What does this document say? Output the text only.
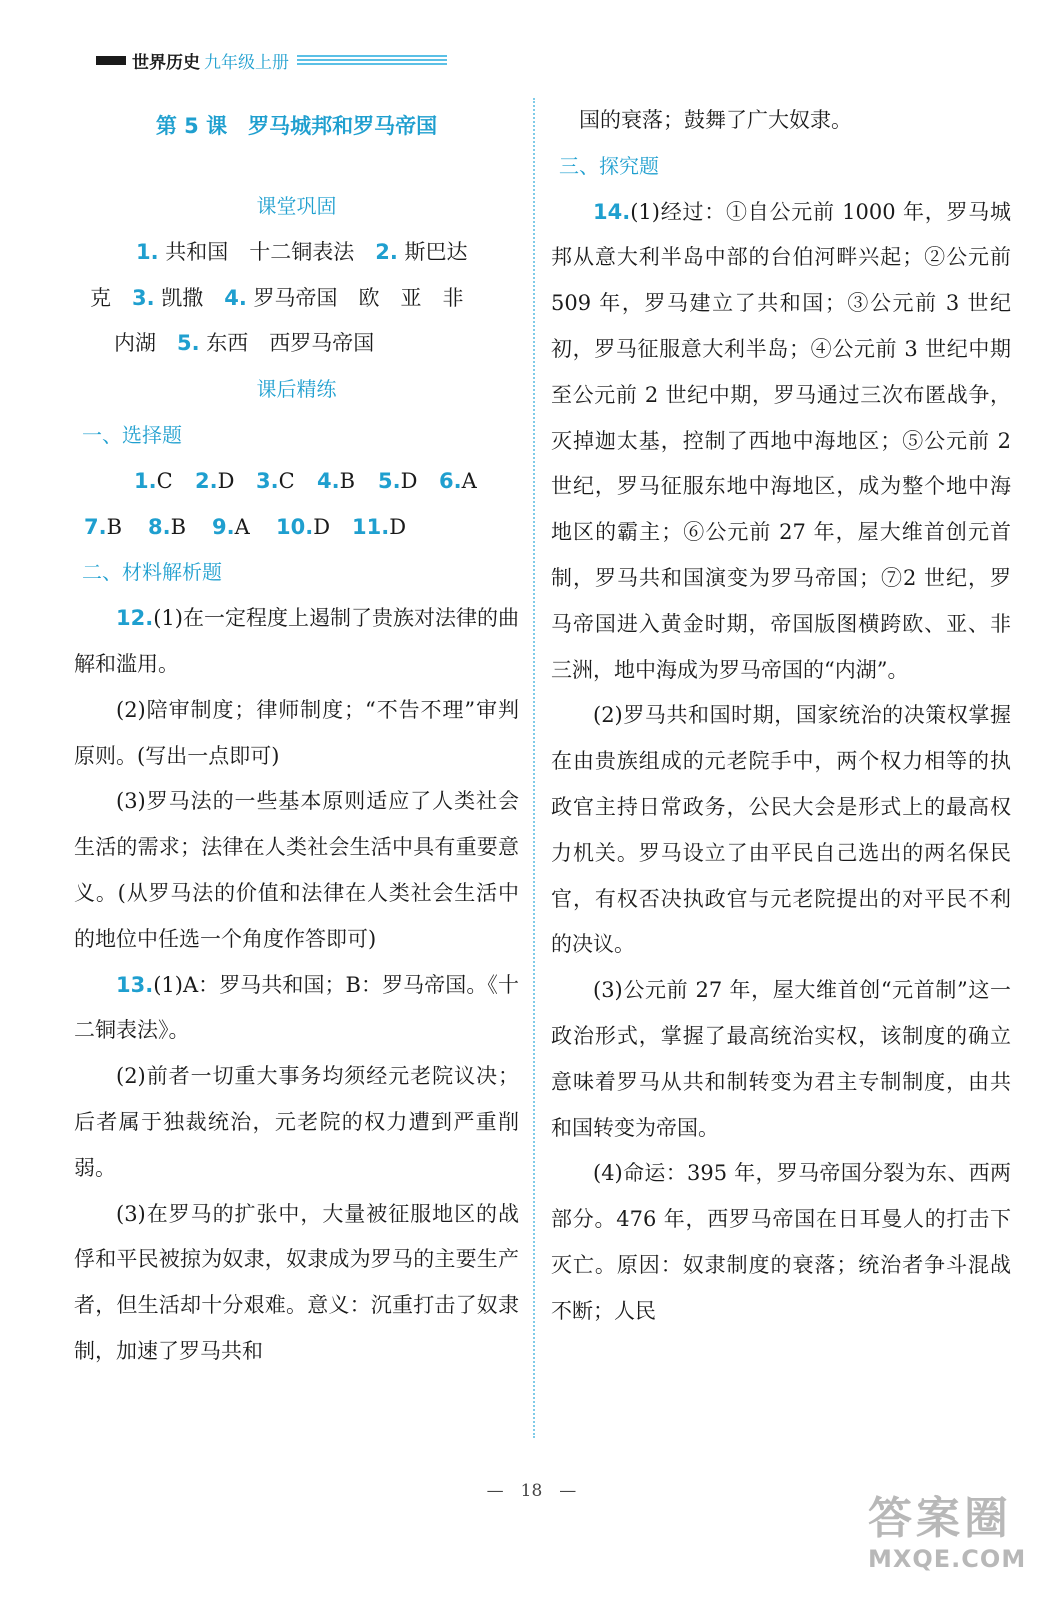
世界历史 九年级上册

第 5 课　罗马城邦和罗马帝国

课堂巩固

1. 共和国　十二铜表法　2. 斯巴达

克　3. 凯撒　4. 罗马帝国　欧　亚　非

内湖　5. 东西　西罗马帝国

课后精练

一、选择题

1.C	2.D	3.C	4.B	5.D	6.A
7.B	8.B	9.A	10.D	11.D

二、材料解析题

12.(1)在一定程度上遏制了贵族对法律的曲解和滥用。

(2)陪审制度；律师制度；“不告不理”审判原则。(写出一点即可)

(3)罗马法的一些基本原则适应了人类社会生活的需求；法律在人类社会生活中具有重要意义。(从罗马法的价值和法律在人类社会生活中的地位中任选一个角度作答即可)

13.(1)A：罗马共和国；B：罗马帝国。《十二铜表法》。

(2)前者一切重大事务均须经元老院议决；后者属于独裁统治，元老院的权力遭到严重削弱。

(3)在罗马的扩张中，大量被征服地区的战俘和平民被掠为奴隶，奴隶成为罗马的主要生产者，但生活却十分艰难。意义：沉重打击了奴隶制，加速了罗马共和

国的衰落；鼓舞了广大奴隶。

三、探究题

14.(1)经过：①自公元前 1000 年，罗马城邦从意大利半岛中部的台伯河畔兴起；②公元前 509 年，罗马建立了共和国；③公元前 3 世纪初，罗马征服意大利半岛；④公元前 3 世纪中期至公元前 2 世纪中期，罗马通过三次布匿战争，灭掉迦太基，控制了西地中海地区；⑤公元前 2 世纪，罗马征服东地中海地区，成为整个地中海地区的霸主；⑥公元前 27 年，屋大维首创元首制，罗马共和国演变为罗马帝国；⑦2 世纪，罗马帝国进入黄金时期，帝国版图横跨欧、亚、非三洲，地中海成为罗马帝国的“内湖”。

(2)罗马共和国时期，国家统治的决策权掌握在由贵族组成的元老院手中，两个权力相等的执政官主持日常政务，公民大会是形式上的最高权力机关。罗马设立了由平民自己选出的两名保民官，有权否决执政官与元老院提出的对平民不利的决议。

(3)公元前 27 年，屋大维首创“元首制”这一政治形式，掌握了最高统治实权，该制度的确立意味着罗马从共和制转变为君主专制制度，由共和国转变为帝国。

(4)命运：395 年，罗马帝国分裂为东、西两部分。476 年，西罗马帝国在日耳曼人的打击下灭亡。原因：奴隶制度的衰落；统治者争斗混战不断；人民

—　18　—
答案圈
MXQE.COM
